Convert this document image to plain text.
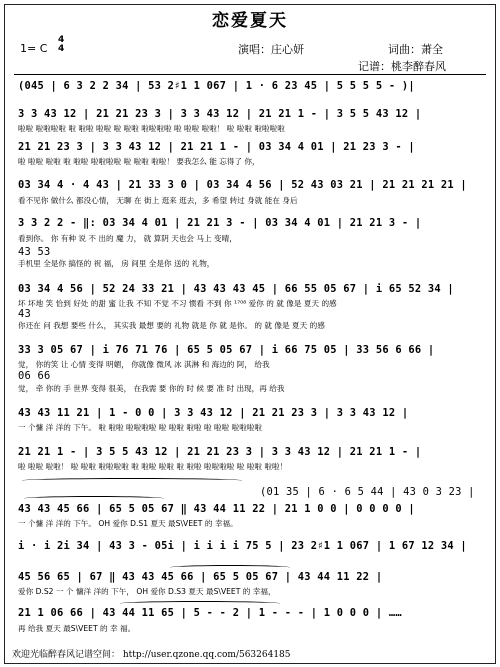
恋爱夏天
1= C
4
4	演唱：庄心妍	词曲：萧全
记谱：桃李醉春风
(045 | 6 3 2 2 34 | 53 2♯1 1 067 | 1 · 6 23 45 | 5 5 5 5 - )|
3 3 43 12 | 21 21 23 3 | 3 3 43 12 | 21 21 1 - | 3 5 5 43 12 |
啦啦 啦啦啦啦 啦 啦啦 啦啦 啦 啦啦 啦啦啦啦 啦 啦啦 啦啦！ 啦 啦啦 啦啦啦啦
21 21 23 3 | 3 3 43 12 | 21 21 1 - | 03 34 4 01 | 21 23 3 - |
啦 啦啦 啦啦 啦 啦啦 啦啦啦啦 啦 啦啦 啦啦！ 要我怎么 能 忘得了 你，
03 34 4 · 4 43 | 21 33 3 0 | 03 34 4 56 | 52 43 03 21 | 21 21 21 21 |
看不见你 做什么 都没心情， 无聊 在 街上 逛来 逛去，多 希望 转过 身就 能在 身后
3 3 2 2 - ‖: 03 34 4 01 | 21 21 3 - | 03 34 4 01 | 21 21 3 - |
看到你。 你 有种 说 不 出的 魔 力， 就 算阴 天也会 马上 变晴，
43 53
手机里 全是你 搞怪的 祝 福， 房 间里 全是你 送的 礼物，
03 34 4 56 | 52 24 33 21 | 43 43 43 45 | 66 55 05 67 | i 65 52 34 |
坏 坏地 笑 恰到 好处 的甜 蜜 让我 不知 不觉 不习 惯看 不到 你 ¹⁷⁰⁸ 爱你 的 就 像是 夏天 的感
43
你还在 问 我想 要些 什么， 其实我 最想 要的 礼物 就是 你 就 是你。 的 就 像是 夏天 的感
33 3 05 67 | i 76 71 76 | 65 5 05 67 | i 66 75 05 | 33 56 6 66 |
觉， 你的笑 让 心情 变得 明媚， 你就像 微风 冰 淇淋 和 海边的 阿， 给我
06 66
觉， 牵 你的 手 世界 变得 很美， 在我需 要 你的 时 候 要 准 时 出现，再 给我
43 43 11 21 | 1 - 0 0 | 3 3 43 12 | 21 21 23 3 | 3 3 43 12 |
一 个慵 洋 洋的 下午。 啦 啦啦 啦啦啦啦 啦 啦啦 啦啦 啦 啦啦 啦啦啦啦
21 21 1 - | 3 5 5 43 12 | 21 21 23 3 | 3 3 43 12 | 21 21 1 - |
啦 啦啦 啦啦！ 啦 啦啦 啦啦啦啦 啦 啦啦 啦啦 啦 啦啦 啦啦啦啦 啦 啦啦 啦啦！
(01 35 | 6 · 6 5 44 | 43 0 3 23 |
43 43 45 66 | 65 5 05 67 ‖ 43 44 11 22 | 21 1 0 0 | 0 0 0 0 |
一 个慵 洋 洋的 下午。 OH 爱你 D.S1 夏天 最S\VEET 的 幸福。
i · i 2i 34 | 43 3 - 05i | i i i i 75 5 | 23 2♯1 1 067 | 1 67 12 34 |
45 56 65 | 67 ‖ 43 43 45 66 | 65 5 05 67 | 43 44 11 22 |
爱你 D.S2 一 个 慵洋 洋的 下午， OH 爱你 D.S3 夏天 最S\VEET 的 幸福，
21 1 06 66 | 43 44 11 65 | 5 - - 2 | 1 - - - | 1 0 0 0 | ……
再 给我 夏天 最S\VEET 的 幸 福。
欢迎光临醉春风记谱空间： http://user.qzone.qq.com/563264185
